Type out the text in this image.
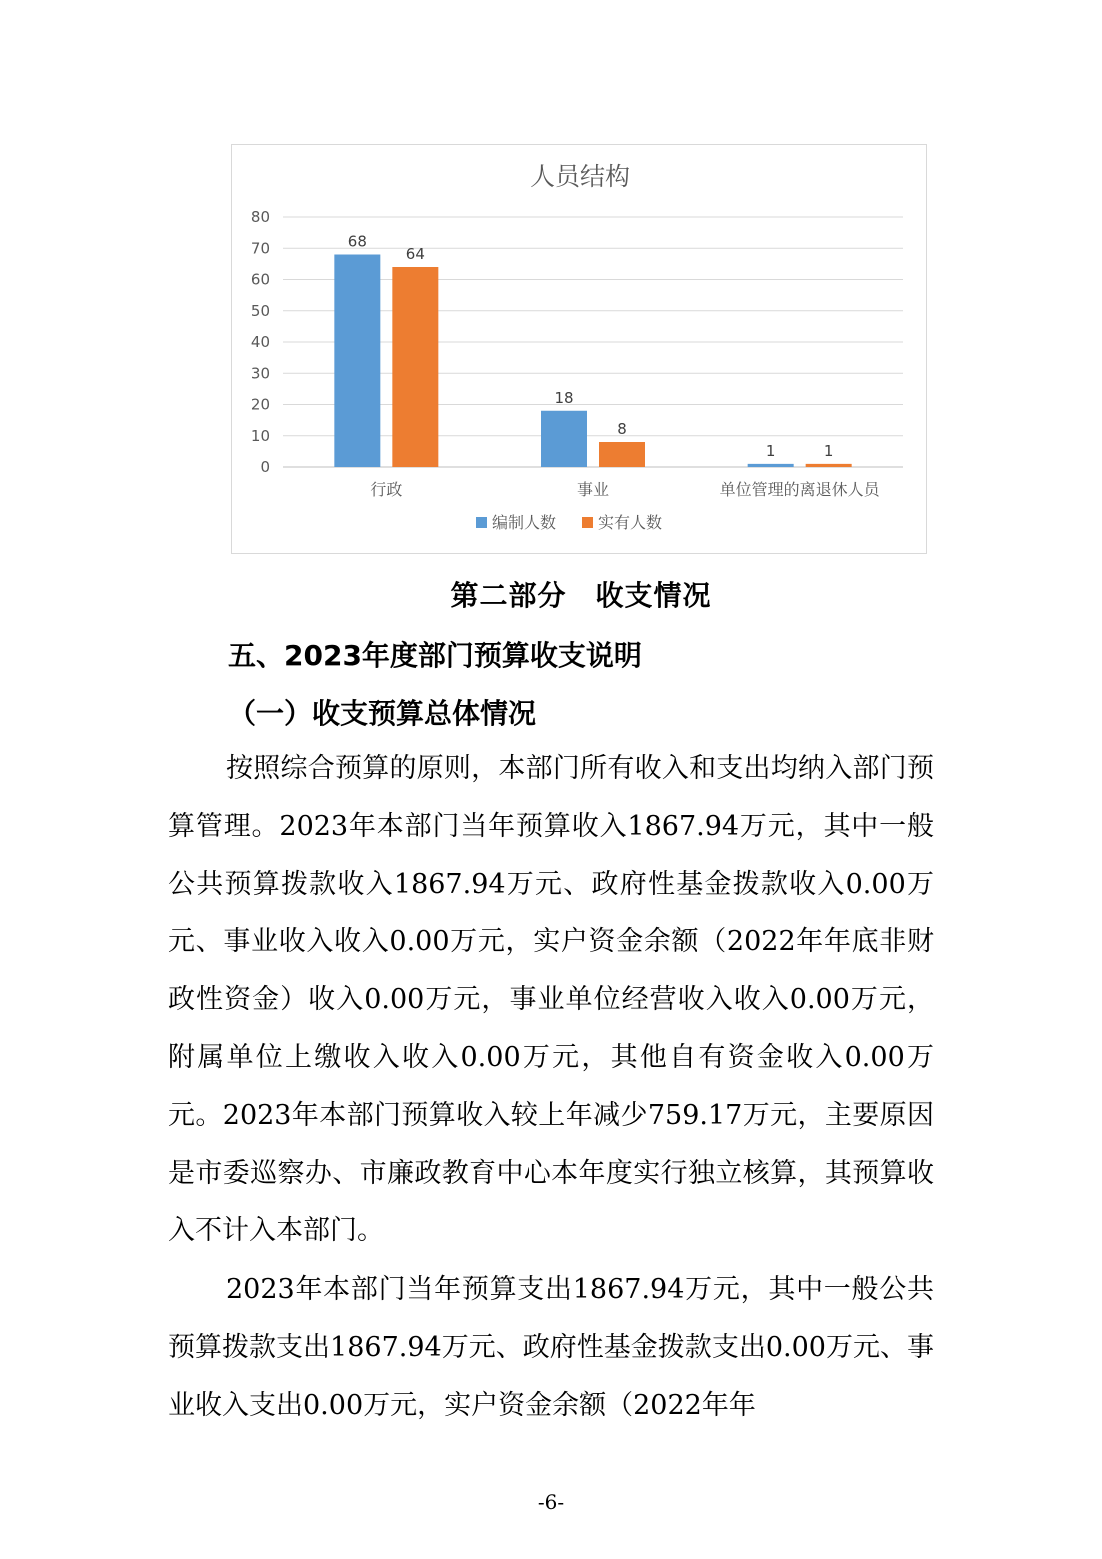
人员结构
0
10
20
30
40
50
60
70
80
68
64
行政
18
8
事业
1	1
单位管理的离退休人员
编制人数	实有人数
第二部分　收支情况
五、2023年度部门预算收支说明
（一）收支预算总体情况

按照综合预算的原则，本部门所有收入和支出均纳入部门预算管理。2023年本部门当年预算收入1867.94万元，其中一般公共预算拨款收入1867.94万元、政府性基金拨款收入0.00万元、事业收入收入0.00万元，实户资金余额（2022年年底非财政性资金）收入0.00万元，事业单位经营收入收入0.00万元，附属单位上缴收入收入0.00万元，其他自有资金收入0.00万元。2023年本部门预算收入较上年减少759.17万元，主要原因是市委巡察办、市廉政教育中心本年度实行独立核算，其预算收入不计入本部门。

2023年本部门当年预算支出1867.94万元，其中一般公共预算拨款支出1867.94万元、政府性基金拨款支出0.00万元、事业收入支出0.00万元，实户资金余额（2022年年

-6-
